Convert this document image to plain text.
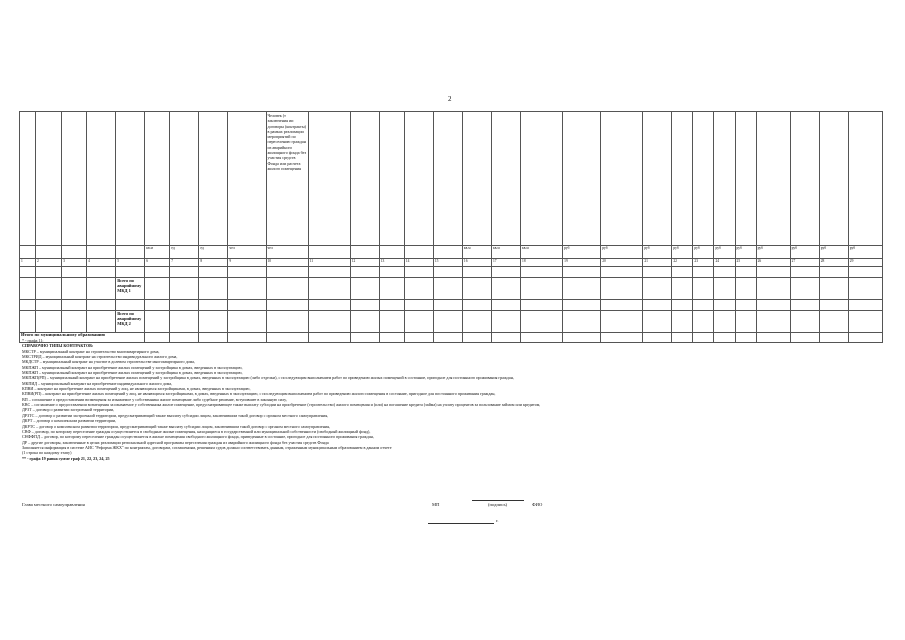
2
									Человек (т заключения ии договоры (контракты) в рамках реализации мероприятий по переселению граждан из аварийного жилищного фонда без участия средств Фонда или расчета жилого помещения																			
					кв.м	ед	ед	чел	чел						кв.м	кв.м	кв.м	руб	руб	руб	руб	руб	руб	руб	руб	руб	руб	руб
1	2	3	4	5	6	7	8	9	10	11	12	13	14	15	16	17	18	19	20	21	22	23	24	25	26	27	28	29

				Всего по аварийному МКД 1																								

				Всего по аварийному МКД 2																								
Итого по муниципальному образованию																												
* - графа 11:
СПРАВОЧНО ТИПЫ КОНТРАКТОВ:
МКСТР – муниципальный контракт на строительство многоквартирного дома,
МКСТРИД – муниципальный контракт на строительство индивидуального жилого дома,
МКДСТР – муниципальный контракт на участие в долевом строительстве многоквартирного дома,
МКПЖП – муниципальный контракт на приобретение жилых помещений у застройщика в домах, введенных в эксплуатацию,
МКПЖП – муниципальный контракт на приобретение жилых помещений у застройщика в домах, введенных в эксплуатацию,
МКПЖП(РП) – муниципальный контракт на приобретение жилых помещений у застройщика в домах, введенных в эксплуатацию (либо отделки), с последующим выполнением работ по приведению жилых помещений в состояние, пригодное для постоянного проживания граждан,
МКПИД – муниципальный контракт на приобретение индивидуального жилого дома,
КПВИ – контракт на приобретение жилых помещений у лиц, не являющихся застройщиками, в домах, введенных в эксплуатацию,
КПВИ(РП) – контракт на приобретение жилых помещений у лиц, не являющихся застройщиками, в домах, введенных в эксплуатацию, с последующим выполнением работ по приведению жилого помещения в состояние, пригодное для постоянного проживания граждан,
ВП – соглашение о предоставлении возмещения за изымаемое у собственника жилое помещение либо судебное решение, вступившее в законную силу,
КВС – соглашение о предоставлении возмещения за изымаемое у собственника жилое помещение, предусматривающее также выплату субсидии на приобретение (строительство) жилого помещения и (или) на погашение кредита (займа) на уплату процентов за пользование займом или кредитом,
ДРЗТ – договор о развитии застроенной территории,
ДРЗТС – договор о развитии застроенной территории, предусматривающий также выплату субсидии лицом, заключившим такой договор с органом местного самоуправления,
ДКРТ – договор о комплексном развитии территории,
ДКРТС – договор о комплексном развитии территории, предусматривающий также выплату субсидии лицом, заключившим такой договор с органом местного самоуправления,
СВФ – договор, по которому переселение граждан осуществляется в свободные жилые помещения, находящиеся в государственной или муниципальной собственности (свободный жилищный фонд),
СНФФПД – договор, по которому переселение граждан осуществляется в жилые помещения свободного жилищного фонда, приведенные в состояние, пригодное для постоянного проживания граждан,
ДР – другие договоры, заключенные в целях реализации региональной адресной программы переселения граждан из аварийного жилищного фонда без участия средств Фонда
Заполняется информация в системе АИС "Реформа ЖКХ" по контрактам, договорам, соглашениям, решениям судов должно соответствовать данным, отраженным муниципальным образованием в данном отчете
(1 строка по каждому этапу)
** - графа 19 равна сумме граф 21, 22, 23, 24, 25
Глава местного самоуправления	МП	(подпись)	ФИО
г.
